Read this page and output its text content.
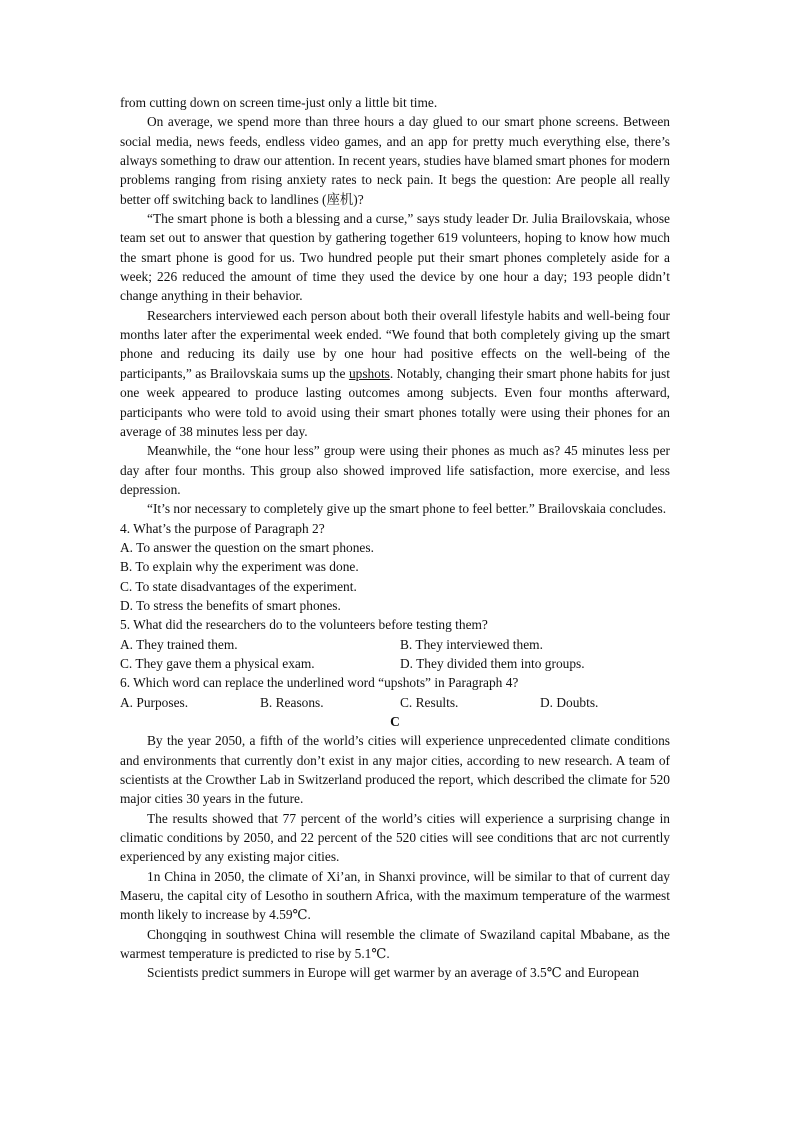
from cutting down on screen time-just only a little bit time.

On average, we spend more than three hours a day glued to our smart phone screens. Between social media, news feeds, endless video games, and an app for pretty much everything else, there’s always something to draw our attention. In recent years, studies have blamed smart phones for modern problems ranging from rising anxiety rates to neck pain. It begs the question: Are people all really better off switching back to landlines (座机)?

“The smart phone is both a blessing and a curse,” says study leader Dr. Julia Brailovskaia, whose team set out to answer that question by gathering together 619 volunteers, hoping to know how much the smart phone is good for us. Two hundred people put their smart phones completely aside for a week; 226 reduced the amount of time they used the device by one hour a day; 193 people didn’t change anything in their behavior.

Researchers interviewed each person about both their overall lifestyle habits and well-being four months later after the experimental week ended. “We found that both completely giving up the smart phone and reducing its daily use by one hour had positive effects on the well-being of the participants,” as Brailovskaia sums up the upshots. Notably, changing their smart phone habits for just one week appeared to produce lasting outcomes among subjects. Even four months afterward, participants who were told to avoid using their smart phones totally were using their phones for an average of 38 minutes less per day.

Meanwhile, the “one hour less” group were using their phones as much as? 45 minutes less per day after four months. This group also showed improved life satisfaction, more exercise, and less depression.

“It’s nor necessary to completely give up the smart phone to feel better.” Brailovskaia concludes.

4. What’s the purpose of Paragraph 2?

A. To answer the question on the smart phones.

B. To explain why the experiment was done.

C. To state disadvantages of the experiment.

D. To stress the benefits of smart phones.

5. What did the researchers do to the volunteers before testing them?

A. They trained them.	B. They interviewed them.
C. They gave them a physical exam.	D. They divided them into groups.

6. Which word can replace the underlined word “upshots” in Paragraph 4?

A. Purposes.	B. Reasons.	C. Results.	D. Doubts.

C

By the year 2050, a fifth of the world’s cities will experience unprecedented climate conditions and environments that currently don’t exist in any major cities, according to new research. A team of scientists at the Crowther Lab in Switzerland produced the report, which described the climate for 520 major cities 30 years in the future.

The results showed that 77 percent of the world’s cities will experience a surprising change in climatic conditions by 2050, and 22 percent of the 520 cities will see conditions that arc not currently experienced by any existing major cities.

1n China in 2050, the climate of Xi’an, in Shanxi province, will be similar to that of current day Maseru, the capital city of Lesotho in southern Africa, with the maximum temperature of the warmest month likely to increase by 4.59℃.

Chongqing in southwest China will resemble the climate of Swaziland capital Mbabane, as the warmest temperature is predicted to rise by 5.1℃.

Scientists predict summers in Europe will get warmer by an average of 3.5℃ and European
